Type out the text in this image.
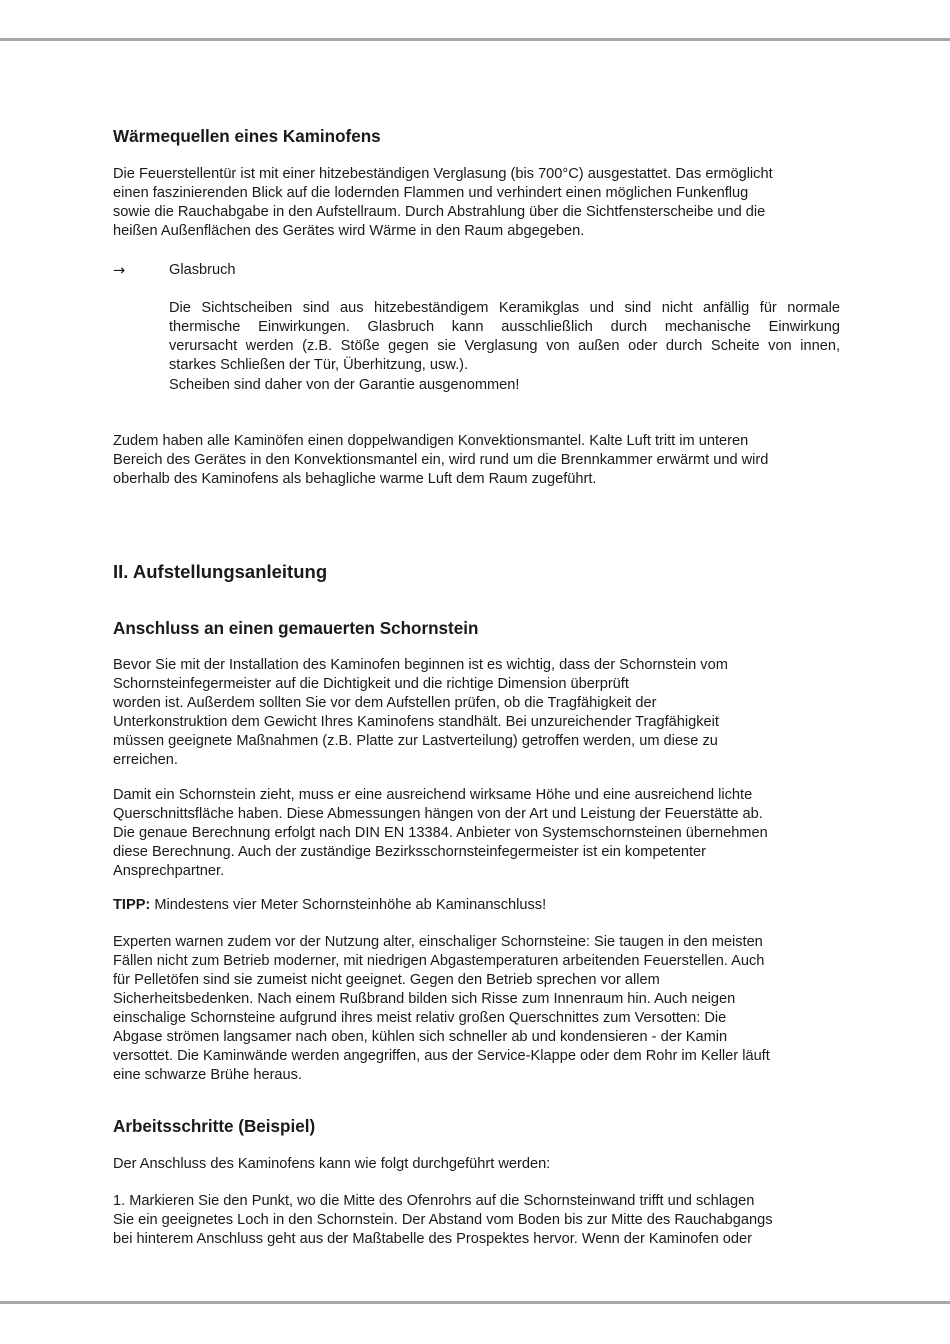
Wärmequellen eines Kaminofens
Die Feuerstellentür ist mit einer hitzebeständigen Verglasung (bis 700°C) ausgestattet. Das ermöglicht
einen faszinierenden Blick auf die lodernden Flammen und verhindert einen möglichen Funkenflug
sowie die Rauchabgabe in den Aufstellraum. Durch Abstrahlung über die Sichtfensterscheibe und die
heißen Außenflächen des Gerätes wird Wärme in den Raum abgegeben.
→	Glasbruch
Die Sichtscheiben sind aus hitzebeständigem Keramikglas und sind nicht anfällig für normale
thermische Einwirkungen. Glasbruch kann ausschließlich durch mechanische Einwirkung
verursacht werden (z.B. Stöße gegen sie Verglasung von außen oder durch Scheite von innen,
starkes Schließen der Tür, Überhitzung, usw.).
Scheiben sind daher von der Garantie ausgenommen!
Zudem haben alle Kaminöfen einen doppelwandigen Konvektionsmantel. Kalte Luft tritt im unteren
Bereich des Gerätes in den Konvektionsmantel ein, wird rund um die Brennkammer erwärmt und wird
oberhalb des Kaminofens als behagliche warme Luft dem Raum zugeführt.
II. Aufstellungsanleitung
Anschluss an einen gemauerten Schornstein
Bevor Sie mit der Installation des Kaminofen beginnen ist es wichtig, dass der Schornstein vom
Schornsteinfegermeister auf die Dichtigkeit und die richtige Dimension überprüft
worden ist. Außerdem sollten Sie vor dem Aufstellen prüfen, ob die Tragfähigkeit der
Unterkonstruktion dem Gewicht Ihres Kaminofens standhält. Bei unzureichender Tragfähigkeit
müssen geeignete Maßnahmen (z.B. Platte zur Lastverteilung) getroffen werden, um diese zu
erreichen.
Damit ein Schornstein zieht, muss er eine ausreichend wirksame Höhe und eine ausreichend lichte
Querschnittsfläche haben. Diese Abmessungen hängen von der Art und Leistung der Feuerstätte ab.
Die genaue Berechnung erfolgt nach DIN EN 13384. Anbieter von Systemschornsteinen übernehmen
diese Berechnung. Auch der zuständige Bezirksschornsteinfegermeister ist ein kompetenter
Ansprechpartner.
TIPP: Mindestens vier Meter Schornsteinhöhe ab Kaminanschluss!
Experten warnen zudem vor der Nutzung alter, einschaliger Schornsteine: Sie taugen in den meisten
Fällen nicht zum Betrieb moderner, mit niedrigen Abgastemperaturen arbeitenden Feuerstellen. Auch
für Pelletöfen sind sie zumeist nicht geeignet. Gegen den Betrieb sprechen vor allem
Sicherheitsbedenken. Nach einem Rußbrand bilden sich Risse zum Innenraum hin. Auch neigen
einschalige Schornsteine aufgrund ihres meist relativ großen Querschnittes zum Versotten: Die
Abgase strömen langsamer nach oben, kühlen sich schneller ab und kondensieren - der Kamin
versottet. Die Kaminwände werden angegriffen, aus der Service-Klappe oder dem Rohr im Keller läuft
eine schwarze Brühe heraus.
Arbeitsschritte (Beispiel)
Der Anschluss des Kaminofens kann wie folgt durchgeführt werden:
1. Markieren Sie den Punkt, wo die Mitte des Ofenrohrs auf die Schornsteinwand trifft und schlagen
Sie ein geeignetes Loch in den Schornstein. Der Abstand vom Boden bis zur Mitte des Rauchabgangs
bei hinterem Anschluss geht aus der Maßtabelle des Prospektes hervor. Wenn der Kaminofen oder
